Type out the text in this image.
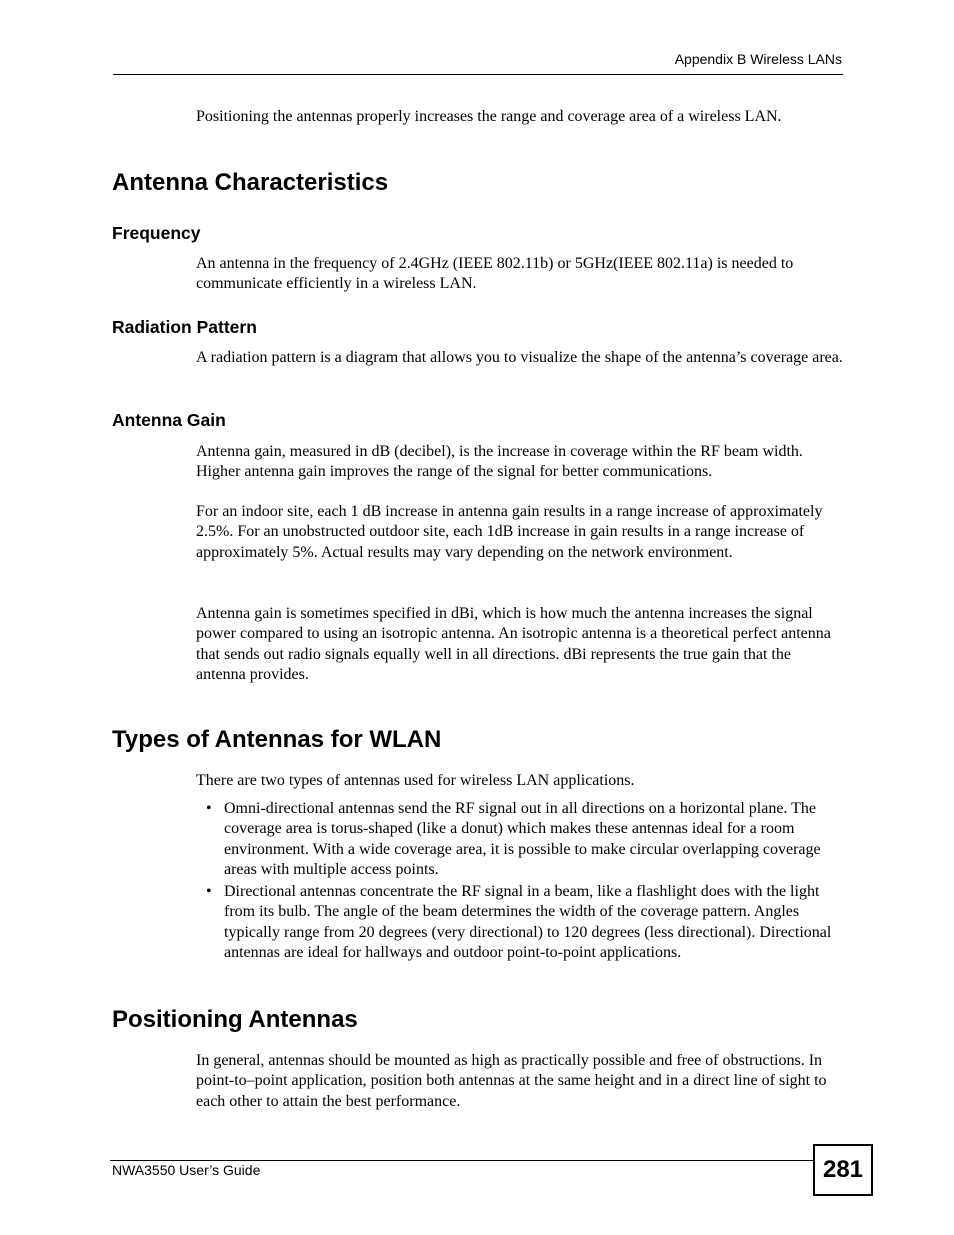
Appendix B Wireless LANs

Positioning the antennas properly increases the range and coverage area of a wireless LAN.

Antenna Characteristics
Frequency

An antenna in the frequency of 2.4GHz (IEEE 802.11b) or 5GHz(IEEE 802.11a) is needed to communicate efficiently in a wireless LAN.

Radiation Pattern

A radiation pattern is a diagram that allows you to visualize the shape of the antenna’s coverage area.

Antenna Gain

Antenna gain, measured in dB (decibel), is the increase in coverage within the RF beam width. Higher antenna gain improves the range of the signal for better communications.

For an indoor site, each 1 dB increase in antenna gain results in a range increase of approximately 2.5%. For an unobstructed outdoor site, each 1dB increase in gain results in a range increase of approximately 5%. Actual results may vary depending on the network environment.

Antenna gain is sometimes specified in dBi, which is how much the antenna increases the signal power compared to using an isotropic antenna. An isotropic antenna is a theoretical perfect antenna that sends out radio signals equally well in all directions. dBi represents the true gain that the antenna provides.

Types of Antennas for WLAN

There are two types of antennas used for wireless LAN applications.

• Omni-directional antennas send the RF signal out in all directions on a horizontal plane. The coverage area is torus-shaped (like a donut) which makes these antennas ideal for a room environment. With a wide coverage area, it is possible to make circular overlapping coverage areas with multiple access points.
• Directional antennas concentrate the RF signal in a beam, like a flashlight does with the light from its bulb. The angle of the beam determines the width of the coverage pattern. Angles typically range from 20 degrees (very directional) to 120 degrees (less directional). Directional antennas are ideal for hallways and outdoor point-to-point applications.
Positioning Antennas

In general, antennas should be mounted as high as practically possible and free of obstructions. In point-to–point application, position both antennas at the same height and in a direct line of sight to each other to attain the best performance.

NWA3550 User’s Guide	281
